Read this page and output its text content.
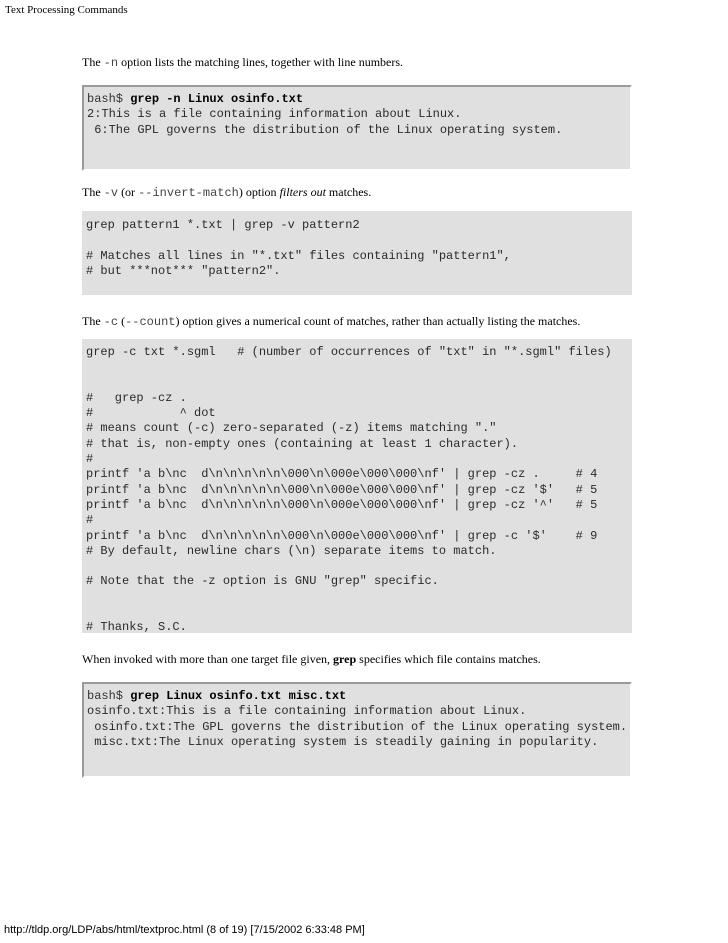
Text Processing Commands
The -n option lists the matching lines, together with line numbers.
bash$ grep -n Linux osinfo.txt
2:This is a file containing information about Linux.
6:The GPL governs the distribution of the Linux operating system.
The -v (or --invert-match) option filters out matches.
grep pattern1 *.txt | grep -v pattern2

# Matches all lines in "*.txt" files containing "pattern1",
# but ***not*** "pattern2".
The -c (--count) option gives a numerical count of matches, rather than actually listing the matches.
grep -c txt *.sgml   # (number of occurrences of "txt" in "*.sgml" files)

#   grep -cz .
#            ^ dot
# means count (-c) zero-separated (-z) items matching "."
# that is, non-empty ones (containing at least 1 character).
#
printf 'a b\nc  d\n\n\n\n\n\000\n\000e\000\000\nf' | grep -cz .     # 4
printf 'a b\nc  d\n\n\n\n\n\000\n\000e\000\000\nf' | grep -cz '$'   # 5
printf 'a b\nc  d\n\n\n\n\n\000\n\000e\000\000\nf' | grep -cz '^'   # 5
#
printf 'a b\nc  d\n\n\n\n\n\000\n\000e\000\000\nf' | grep -c '$'    # 9
# By default, newline chars (\n) separate items to match.

# Note that the -z option is GNU "grep" specific.

# Thanks, S.C.
When invoked with more than one target file given, grep specifies which file contains matches.
bash$ grep Linux osinfo.txt misc.txt
osinfo.txt:This is a file containing information about Linux.
osinfo.txt:The GPL governs the distribution of the Linux operating system.
misc.txt:The Linux operating system is steadily gaining in popularity.
http://tldp.org/LDP/abs/html/textproc.html (8 of 19) [7/15/2002 6:33:48 PM]
